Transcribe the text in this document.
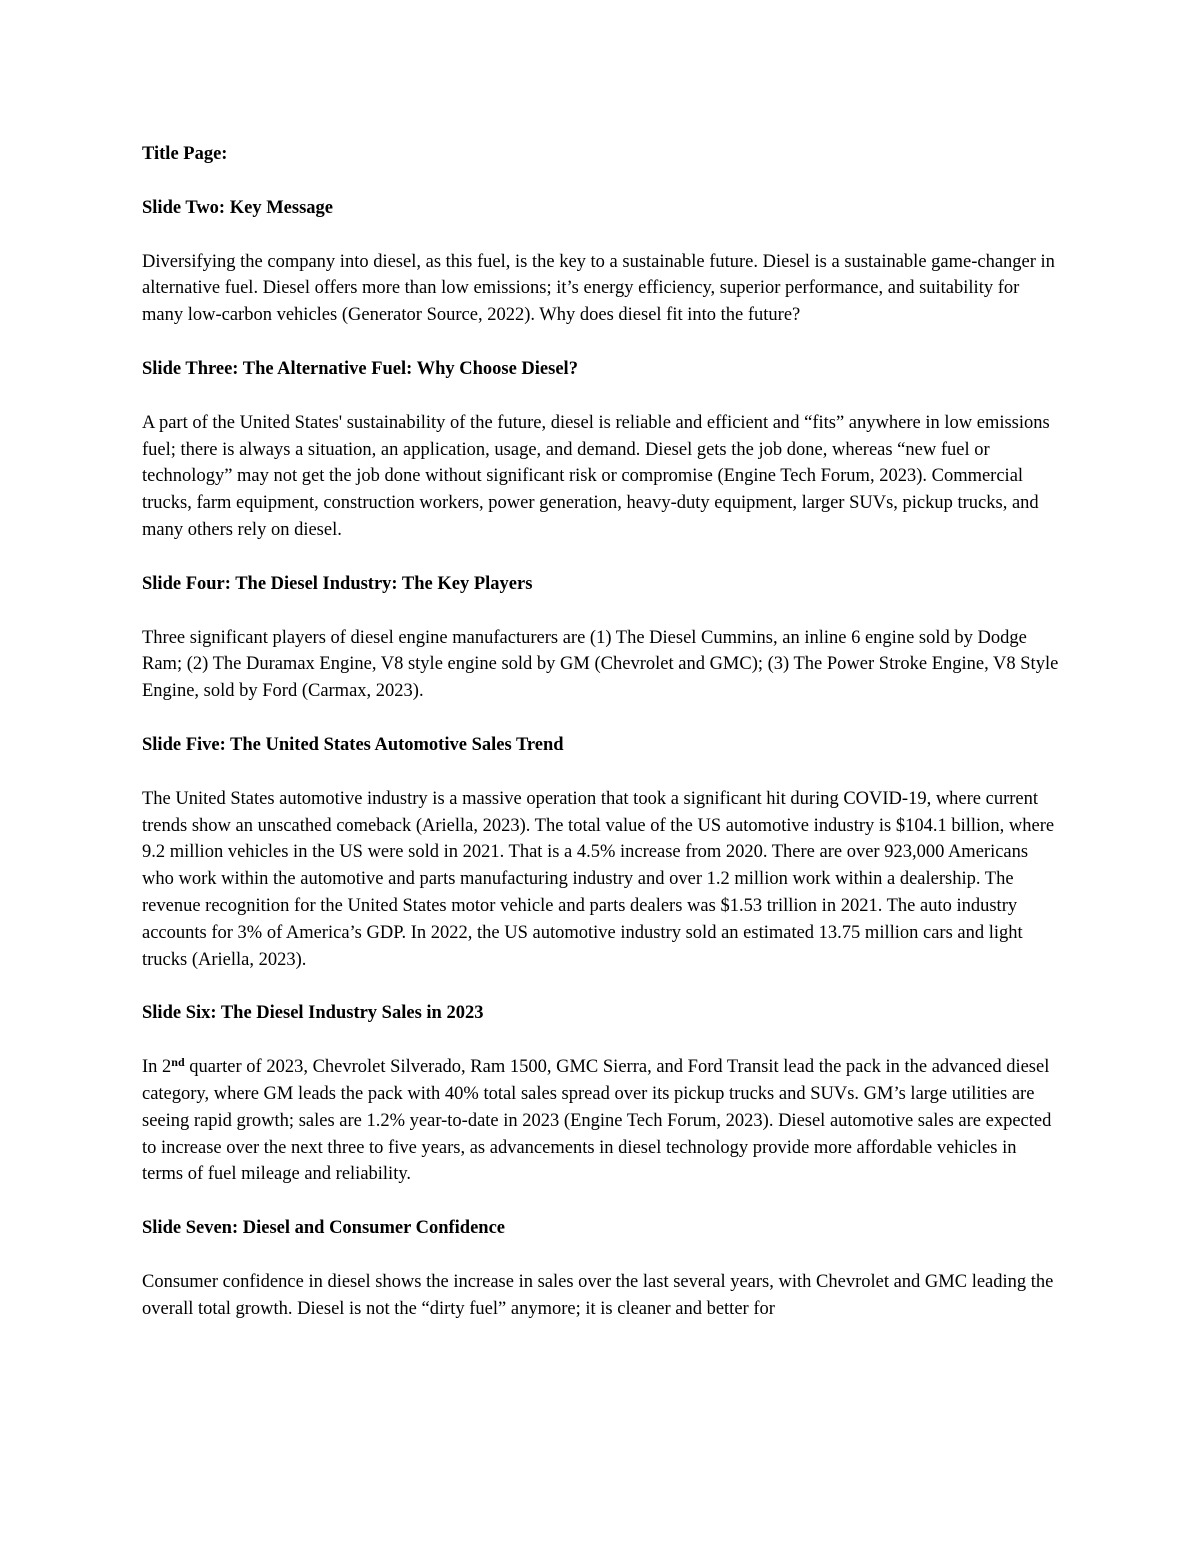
Title Page:

Slide Two: Key Message

Diversifying the company into diesel, as this fuel, is the key to a sustainable future. Diesel is a sustainable game-changer in alternative fuel. Diesel offers more than low emissions; it’s energy efficiency, superior performance, and suitability for many low-carbon vehicles (Generator Source, 2022). Why does diesel fit into the future?

Slide Three: The Alternative Fuel: Why Choose Diesel?

A part of the United States' sustainability of the future, diesel is reliable and efficient and “fits” anywhere in low emissions fuel; there is always a situation, an application, usage, and demand. Diesel gets the job done, whereas “new fuel or technology” may not get the job done without significant risk or compromise (Engine Tech Forum, 2023). Commercial trucks, farm equipment, construction workers, power generation, heavy-duty equipment, larger SUVs, pickup trucks, and many others rely on diesel.

Slide Four: The Diesel Industry: The Key Players

Three significant players of diesel engine manufacturers are (1) The Diesel Cummins, an inline 6 engine sold by Dodge Ram; (2) The Duramax Engine, V8 style engine sold by GM (Chevrolet and GMC); (3) The Power Stroke Engine, V8 Style Engine, sold by Ford (Carmax, 2023).

Slide Five: The United States Automotive Sales Trend

The United States automotive industry is a massive operation that took a significant hit during COVID-19, where current trends show an unscathed comeback (Ariella, 2023). The total value of the US automotive industry is $104.1 billion, where 9.2 million vehicles in the US were sold in 2021. That is a 4.5% increase from 2020. There are over 923,000 Americans who work within the automotive and parts manufacturing industry and over 1.2 million work within a dealership. The revenue recognition for the United States motor vehicle and parts dealers was $1.53 trillion in 2021. The auto industry accounts for 3% of America’s GDP. In 2022, the US automotive industry sold an estimated 13.75 million cars and light trucks (Ariella, 2023).

Slide Six: The Diesel Industry Sales in 2023

In 2nd quarter of 2023, Chevrolet Silverado, Ram 1500, GMC Sierra, and Ford Transit lead the pack in the advanced diesel category, where GM leads the pack with 40% total sales spread over its pickup trucks and SUVs. GM’s large utilities are seeing rapid growth; sales are 1.2% year-to-date in 2023 (Engine Tech Forum, 2023). Diesel automotive sales are expected to increase over the next three to five years, as advancements in diesel technology provide more affordable vehicles in terms of fuel mileage and reliability.

Slide Seven: Diesel and Consumer Confidence

Consumer confidence in diesel shows the increase in sales over the last several years, with Chevrolet and GMC leading the overall total growth. Diesel is not the “dirty fuel” anymore; it is cleaner and better for
